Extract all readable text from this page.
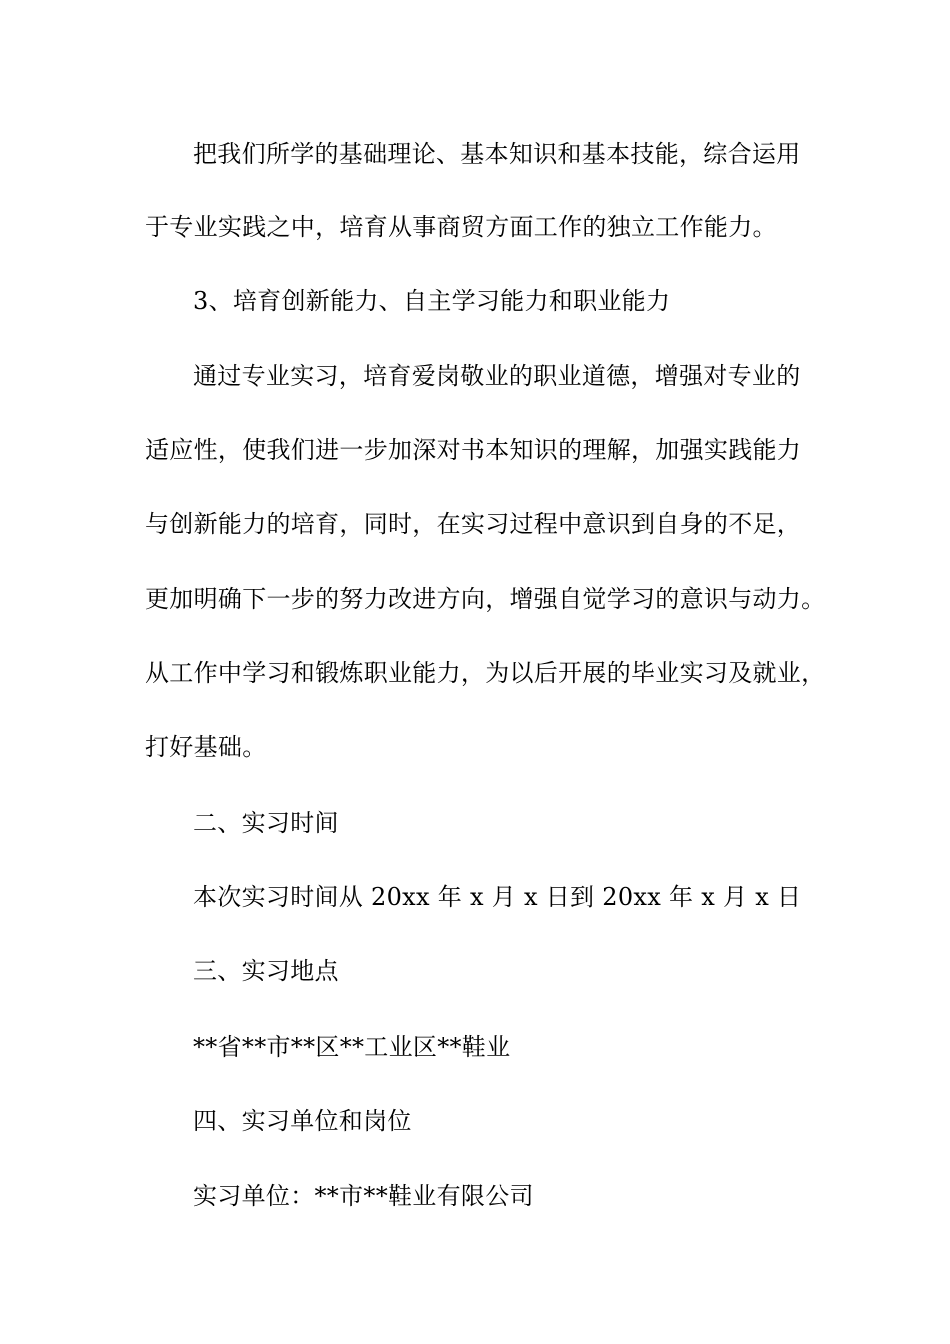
把我们所学的基础理论、基本知识和基本技能，综合运用
于专业实践之中，培育从事商贸方面工作的独立工作能力。
3、培育创新能力、自主学习能力和职业能力
通过专业实习，培育爱岗敬业的职业道德，增强对专业的
适应性，使我们进一步加深对书本知识的理解，加强实践能力
与创新能力的培育，同时，在实习过程中意识到自身的不足，
更加明确下一步的努力改进方向，增强自觉学习的意识与动力。
从工作中学习和锻炼职业能力，为以后开展的毕业实习及就业，
打好基础。
二、实习时间
本次实习时间从 20xx 年 x 月 x 日到 20xx 年 x 月 x 日
三、实习地点
**省**市**区**工业区**鞋业
四、实习单位和岗位
实习单位：**市**鞋业有限公司
